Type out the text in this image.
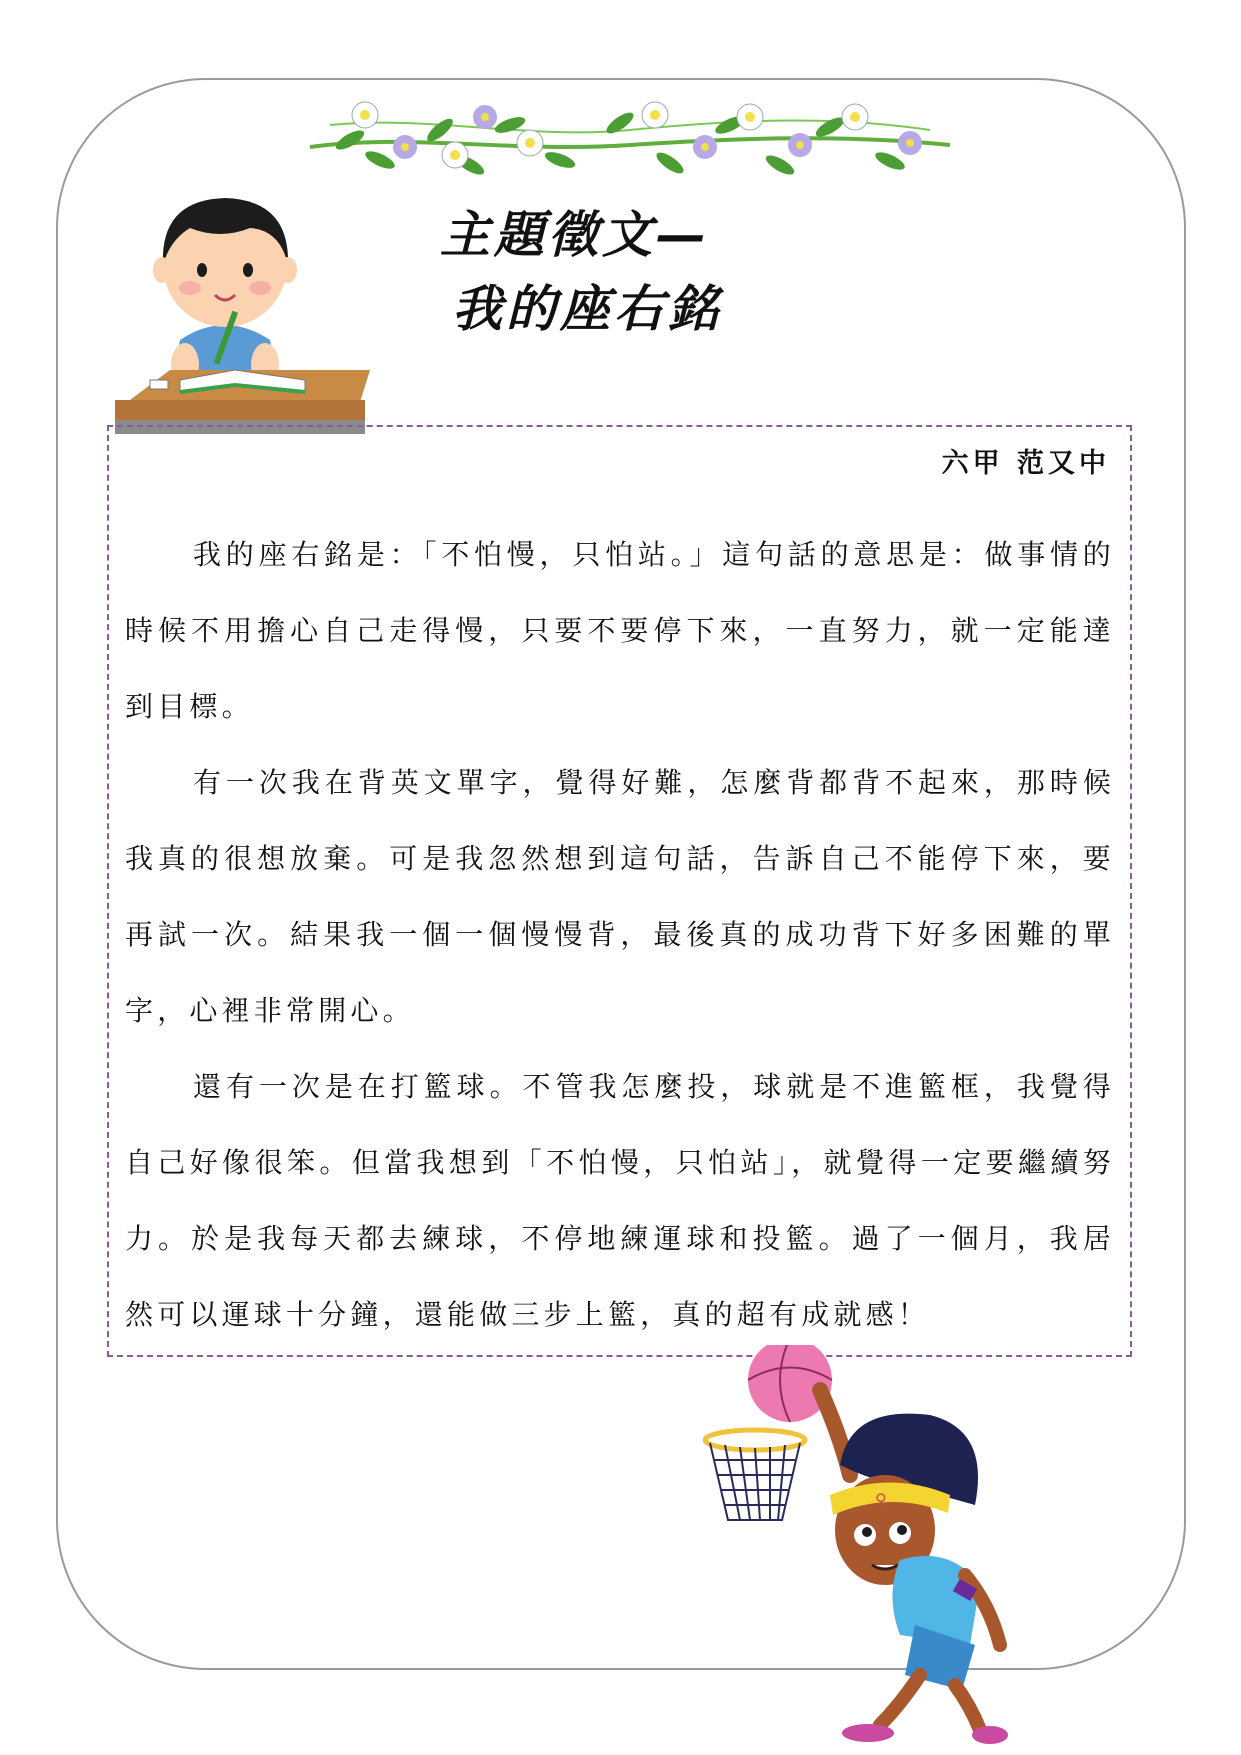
主題徵文—
我的座右銘
六甲 范又中

我的座右銘是：「不怕慢，只怕站。」這句話的意思是：做事情的時候不用擔心自己走得慢，只要不要停下來，一直努力，就一定能達到目標。

有一次我在背英文單字，覺得好難，怎麼背都背不起來，那時候我真的很想放棄。可是我忽然想到這句話，告訴自己不能停下來，要再試一次。結果我一個一個慢慢背，最後真的成功背下好多困難的單字，心裡非常開心。

還有一次是在打籃球。不管我怎麼投，球就是不進籃框，我覺得自己好像很笨。但當我想到「不怕慢，只怕站」，就覺得一定要繼續努力。於是我每天都去練球，不停地練運球和投籃。過了一個月，我居然可以運球十分鐘，還能做三步上籃，真的超有成就感！

♀
